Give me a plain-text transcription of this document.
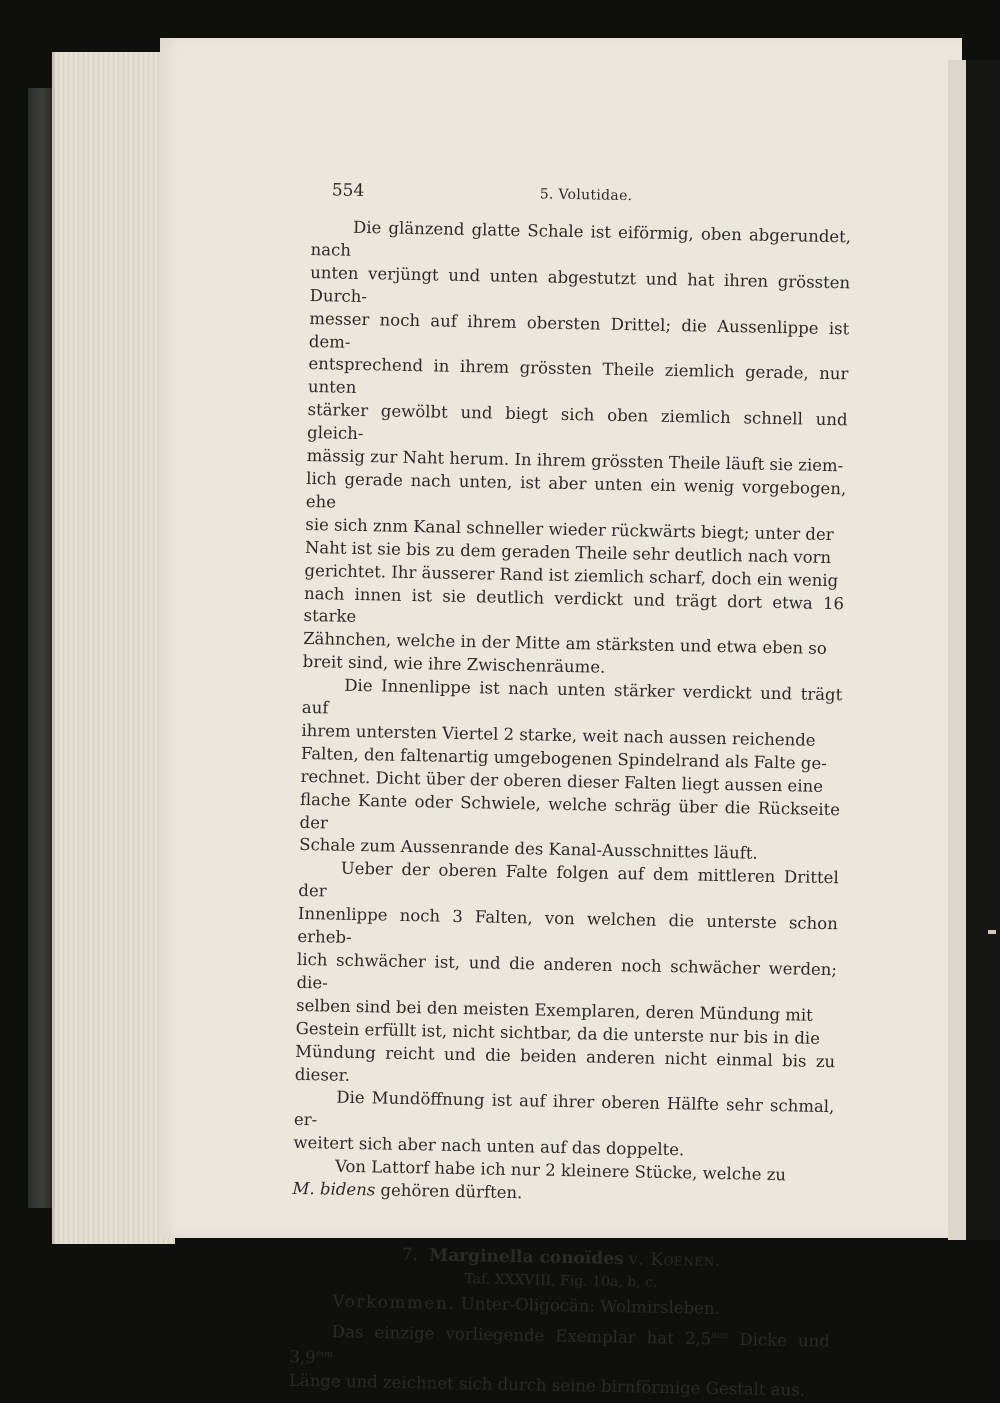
554	5. Volutidae.

Die glänzend glatte Schale ist eiförmig, oben abgerundet, nach
unten verjüngt und unten abgestutzt und hat ihren grössten Durch-
messer noch auf ihrem obersten Drittel; die Aussenlippe ist dem-
entsprechend in ihrem grössten Theile ziemlich gerade, nur unten
stärker gewölbt und biegt sich oben ziemlich schnell und gleich-
mässig zur Naht herum. In ihrem grössten Theile läuft sie ziem-
lich gerade nach unten, ist aber unten ein wenig vorgebogen, ehe
sie sich znm Kanal schneller wieder rückwärts biegt; unter der
Naht ist sie bis zu dem geraden Theile sehr deutlich nach vorn
gerichtet. Ihr äusserer Rand ist ziemlich scharf, doch ein wenig
nach innen ist sie deutlich verdickt und trägt dort etwa 16 starke
Zähnchen, welche in der Mitte am stärksten und etwa eben so
breit sind, wie ihre Zwischenräume.

Die Innenlippe ist nach unten stärker verdickt und trägt auf
ihrem untersten Viertel 2 starke, weit nach aussen reichende
Falten, den faltenartig umgebogenen Spindelrand als Falte ge-
rechnet. Dicht über der oberen dieser Falten liegt aussen eine
flache Kante oder Schwiele, welche schräg über die Rückseite der
Schale zum Aussenrande des Kanal-Ausschnittes läuft.

Ueber der oberen Falte folgen auf dem mittleren Drittel der
Innenlippe noch 3 Falten, von welchen die unterste schon erheb-
lich schwächer ist, und die anderen noch schwächer werden; die-
selben sind bei den meisten Exemplaren, deren Mündung mit
Gestein erfüllt ist, nicht sichtbar, da die unterste nur bis in die
Mündung reicht und die beiden anderen nicht einmal bis zu dieser.

Die Mundöffnung ist auf ihrer oberen Hälfte sehr schmal, er-
weitert sich aber nach unten auf das doppelte.

Von Lattorf habe ich nur 2 kleinere Stücke, welche zu
M. bidens gehören dürften.

7. Marginella conoïdes v. Koenen.
Taf. XXXVIII, Fig. 10a, b, c.
Vorkommen. Unter-Oligocän: Wolmirsleben.

Das einzige vorliegende Exemplar hat $2,5^{mm}$ Dicke und $3,9^{mm}$
Länge und zeichnet sich durch seine birnförmige Gestalt aus.
